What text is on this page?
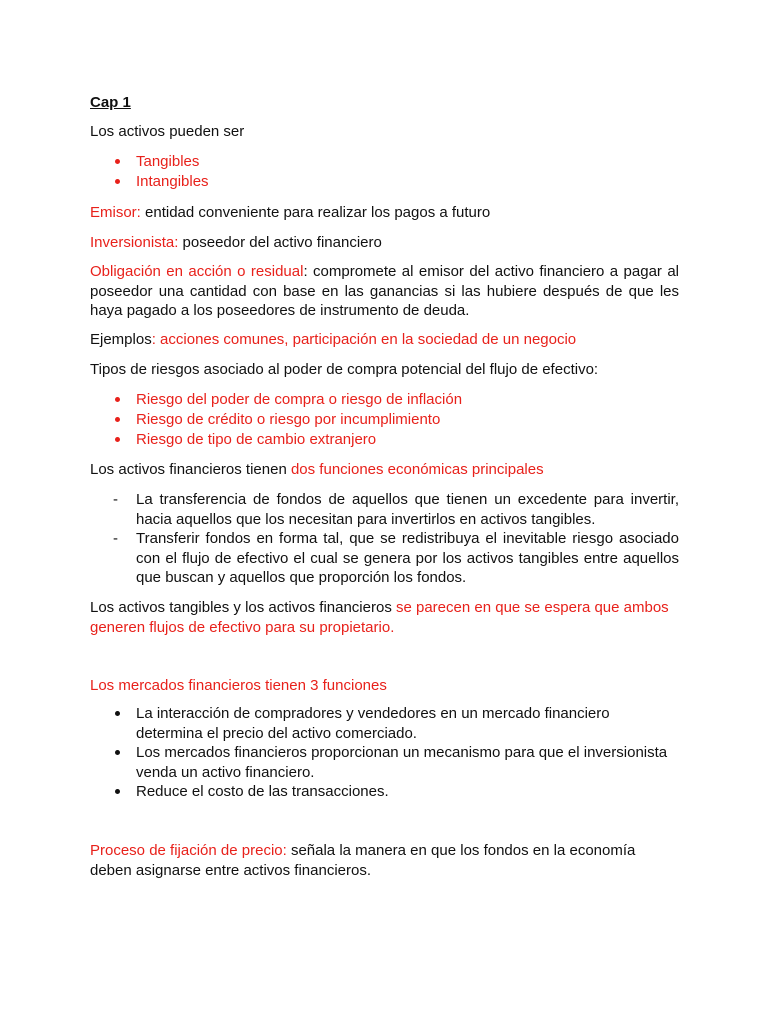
Cap 1

Los activos pueden ser

Tangibles

Intangibles

Emisor: entidad conveniente para realizar los pagos a futuro

Inversionista: poseedor del activo financiero

Obligación en acción o residual: compromete al emisor del activo financiero a pagar al poseedor una cantidad con base en las ganancias si las hubiere después de que les haya pagado a los poseedores de instrumento de deuda.

Ejemplos: acciones comunes, participación en la sociedad de un negocio

Tipos de riesgos asociado al poder de compra potencial del flujo de efectivo:

Riesgo del poder de compra o riesgo de inflación

Riesgo de crédito o riesgo por incumplimiento

Riesgo de tipo de cambio extranjero

Los activos financieros tienen dos funciones económicas principales

- La transferencia de fondos de aquellos que tienen un excedente para invertir, hacia aquellos que los necesitan para invertirlos en activos tangibles.

- Transferir fondos en forma tal, que se redistribuya el inevitable riesgo asociado con el flujo de efectivo el cual se genera por los activos tangibles entre aquellos que buscan y aquellos que proporción los fondos.

Los activos tangibles y los activos financieros se parecen en que se espera que ambos generen flujos de efectivo para su propietario.

Los mercados financieros tienen 3 funciones

La interacción de compradores y vendedores en un mercado financiero determina el precio del activo comerciado.

Los mercados financieros proporcionan un mecanismo para que el inversionista venda un activo financiero.

Reduce el costo de las transacciones.

Proceso de fijación de precio: señala la manera en que los fondos en la economía deben asignarse entre activos financieros.
